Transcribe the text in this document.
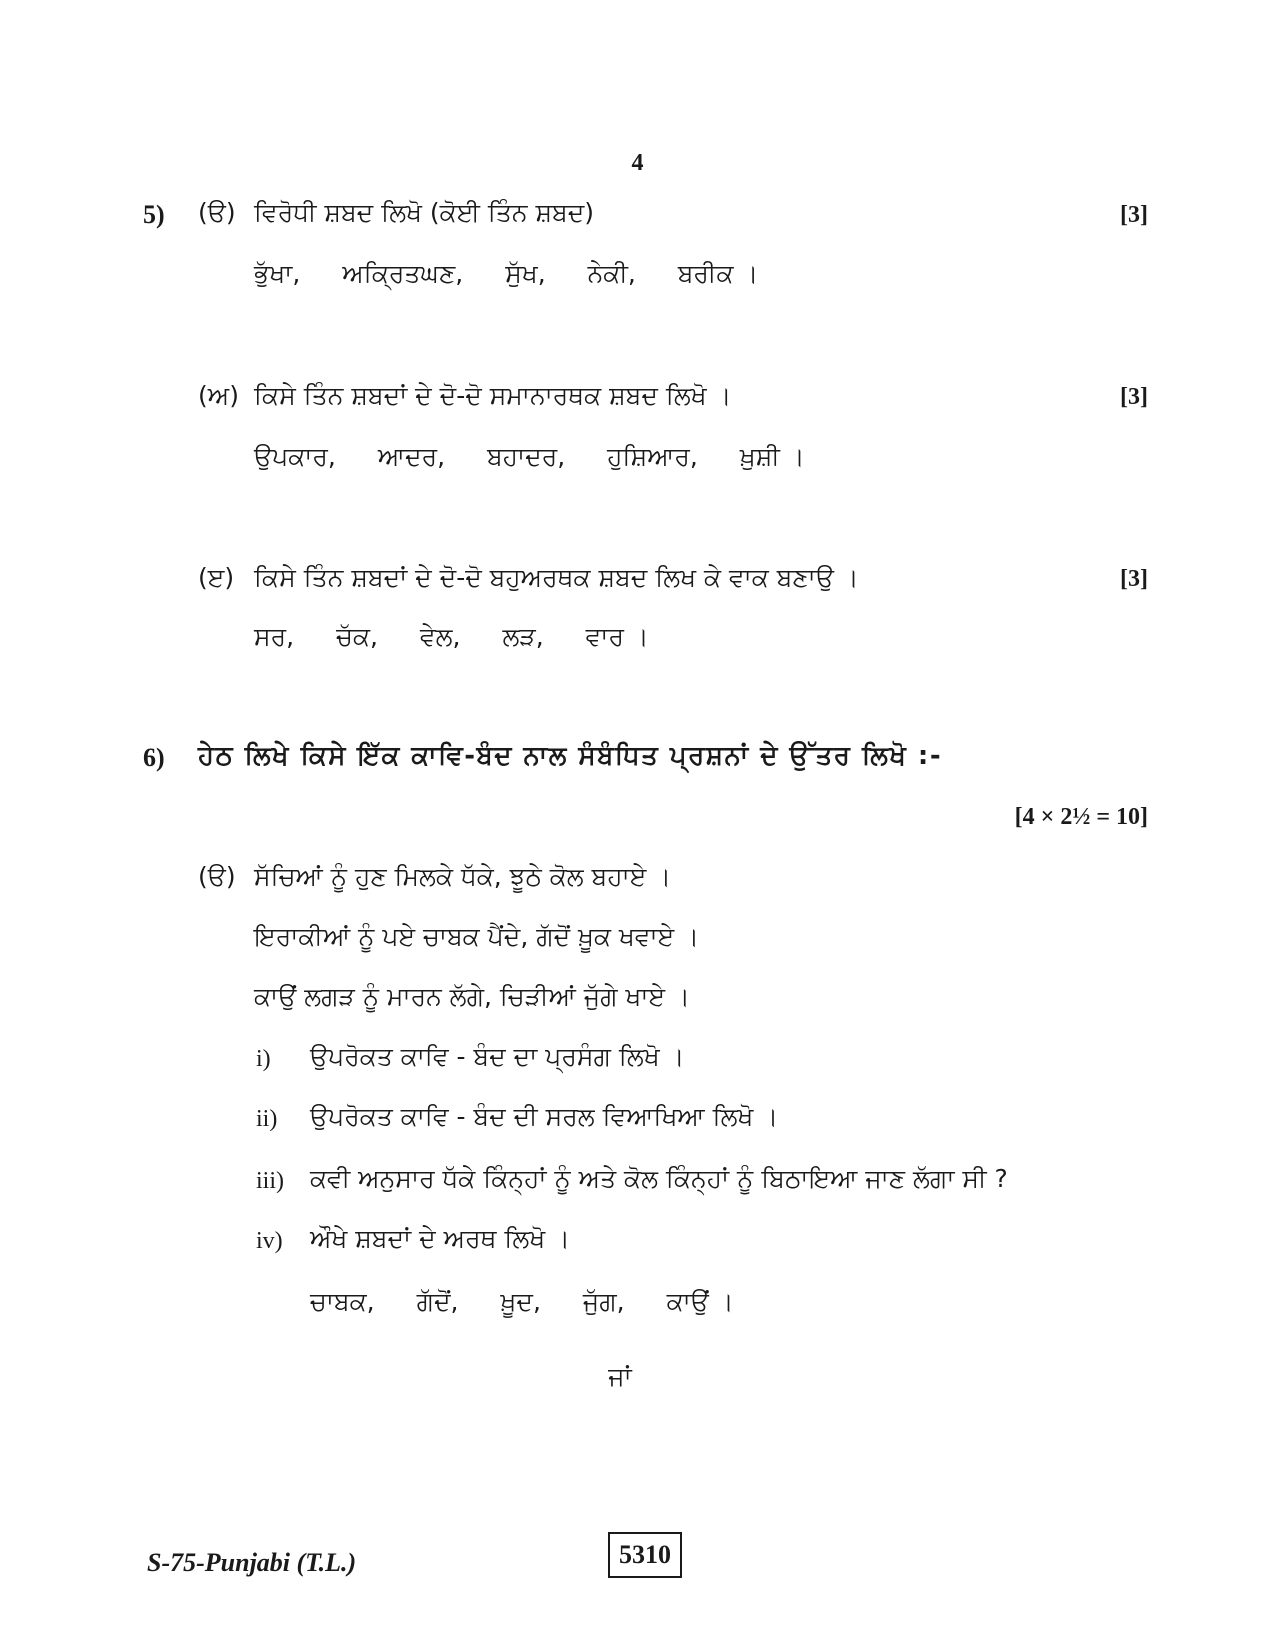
4
5) (ੳ) ਵਿਰੋਧੀ ਸ਼ਬਦ ਲਿਖੋ (ਕੋਈ ਤਿੰਨ ਸ਼ਬਦ)	[3]
ਭੁੱਖਾ, ਅਕ੍ਰਿਤਘਣ, ਸੁੱਖ, ਨੇਕੀ, ਬਰੀਕ ।
(ਅ) ਕਿਸੇ ਤਿੰਨ ਸ਼ਬਦਾਂ ਦੇ ਦੋ-ਦੋ ਸਮਾਨਾਰਥਕ ਸ਼ਬਦ ਲਿਖੋ ।	[3]
ਉਪਕਾਰ, ਆਦਰ, ਬਹਾਦਰ, ਹੁਸ਼ਿਆਰ, ਖ਼ੁਸ਼ੀ ।
(ੲ) ਕਿਸੇ ਤਿੰਨ ਸ਼ਬਦਾਂ ਦੇ ਦੋ-ਦੋ ਬਹੁਅਰਥਕ ਸ਼ਬਦ ਲਿਖ ਕੇ ਵਾਕ ਬਣਾਉ ।	[3]
ਸਰ, ਚੱਕ, ਵੇਲ, ਲੜ, ਵਾਰ ।
6) ਹੇਠ ਲਿਖੇ ਕਿਸੇ ਇੱਕ ਕਾਵਿ-ਬੰਦ ਨਾਲ ਸੰਬੰਧਿਤ ਪ੍ਰਸ਼ਨਾਂ ਦੇ ਉੱਤਰ ਲਿਖੋ :-
[4 × 2½ = 10]
(ੳ) ਸੱਚਿਆਂ ਨੂੰ ਹੁਣ ਮਿਲਕੇ ਧੱਕੇ, ਝੂਠੇ ਕੋਲ ਬਹਾਏ ।
ਇਰਾਕੀਆਂ ਨੂੰ ਪਏ ਚਾਬਕ ਪੈਂਦੇ, ਗੱਦੋਂ ਖ਼ੂਕ ਖਵਾਏ ।
ਕਾਉਂ ਲਗੜ ਨੂੰ ਮਾਰਨ ਲੱਗੇ, ਚਿੜੀਆਂ ਜੁੱਗੇ ਖਾਏ ।
i) ਉਪਰੋਕਤ ਕਾਵਿ - ਬੰਦ ਦਾ ਪ੍ਰਸੰਗ ਲਿਖੋ ।
ii) ਉਪਰੋਕਤ ਕਾਵਿ - ਬੰਦ ਦੀ ਸਰਲ ਵਿਆਖਿਆ ਲਿਖੋ ।
iii) ਕਵੀ ਅਨੁਸਾਰ ਧੱਕੇ ਕਿੰਨ੍ਹਾਂ ਨੂੰ ਅਤੇ ਕੋਲ ਕਿੰਨ੍ਹਾਂ ਨੂੰ ਬਿਠਾਇਆ ਜਾਣ ਲੱਗਾ ਸੀ ?
iv) ਔਖੇ ਸ਼ਬਦਾਂ ਦੇ ਅਰਥ ਲਿਖੋ ।
ਚਾਬਕ, ਗੱਦੋਂ, ਖ਼ੂਦ, ਜੁੱਗ, ਕਾਉਂ ।
ਜਾਂ
S-75-Punjabi (T.L.)	5310
